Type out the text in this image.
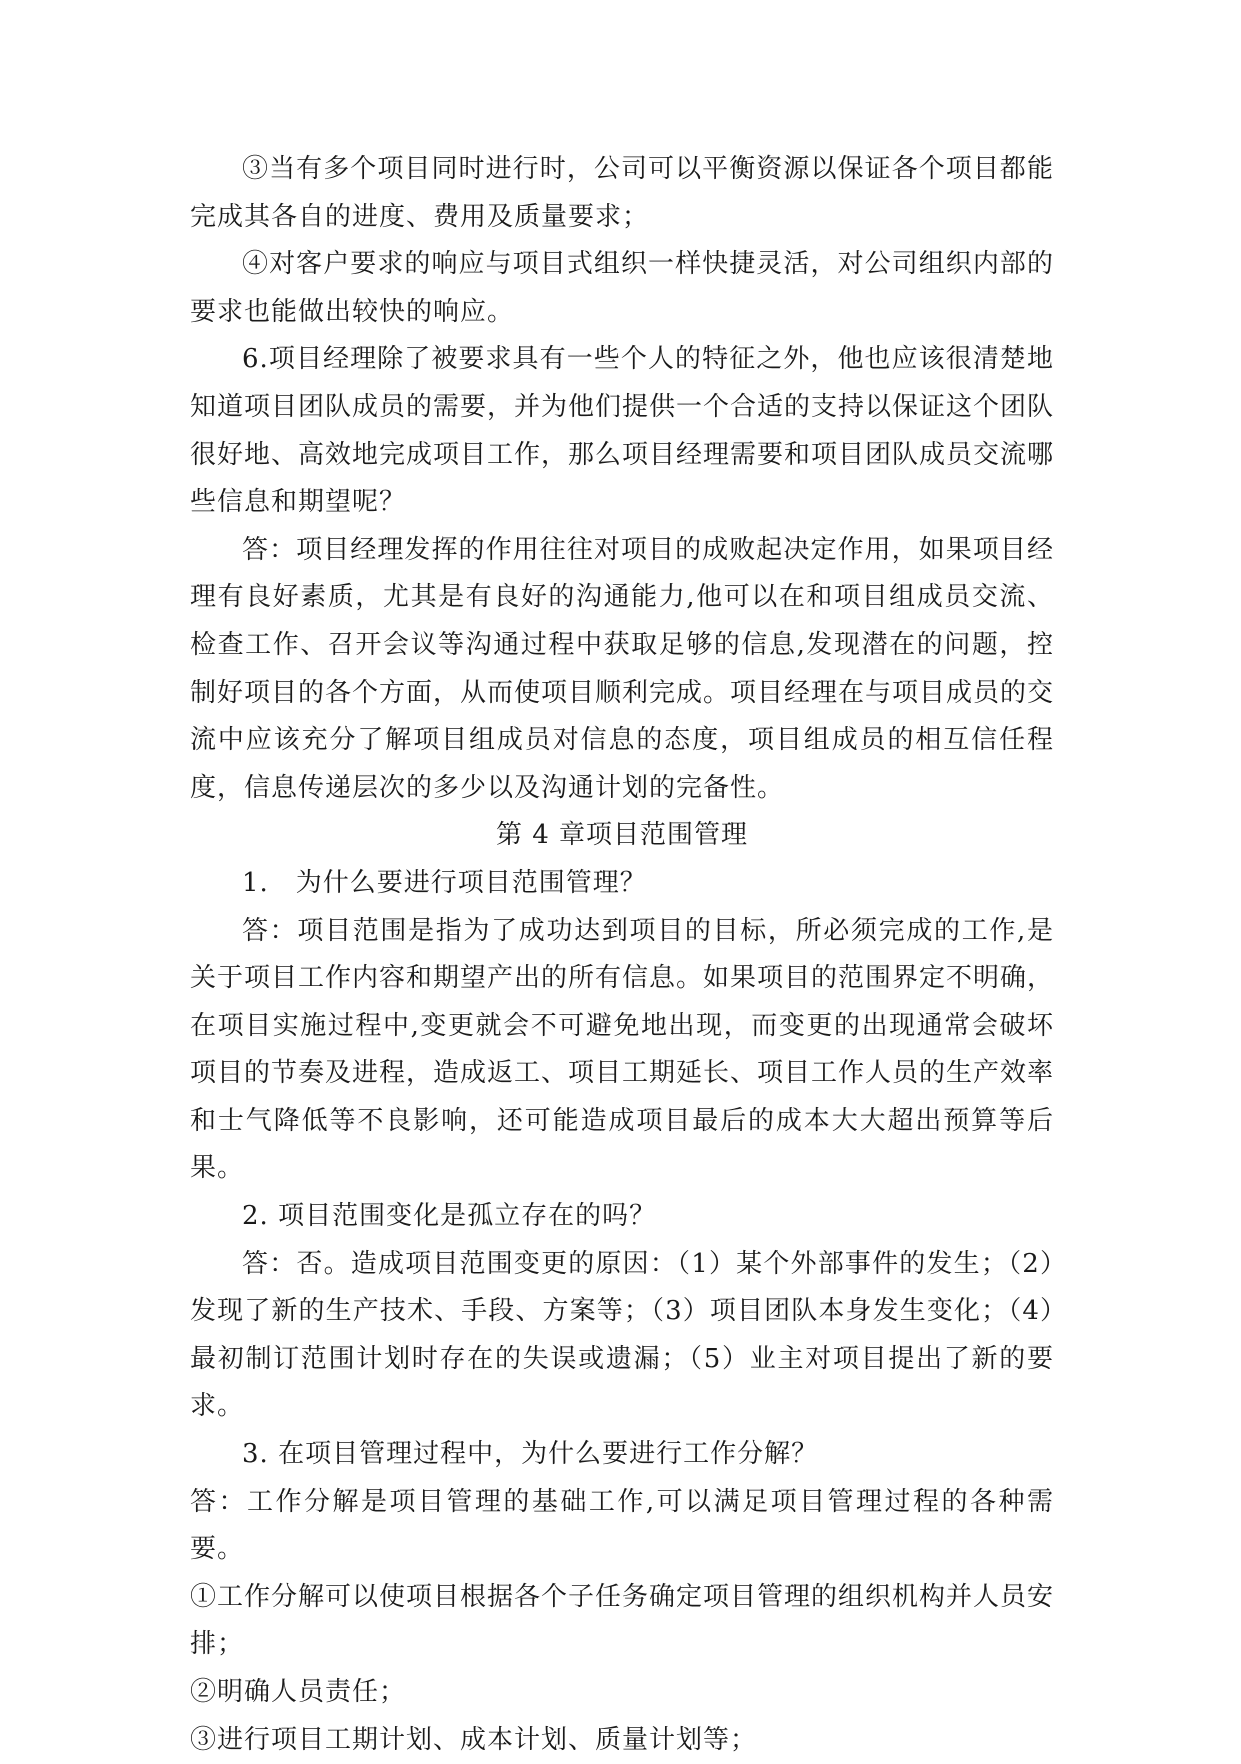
③当有多个项目同时进行时，公司可以平衡资源以保证各个项目都能完成其各自的进度、费用及质量要求；

④对客户要求的响应与项目式组织一样快捷灵活，对公司组织内部的要求也能做出较快的响应。

6.项目经理除了被要求具有一些个人的特征之外，他也应该很清楚地知道项目团队成员的需要，并为他们提供一个合适的支持以保证这个团队很好地、高效地完成项目工作，那么项目经理需要和项目团队成员交流哪些信息和期望呢？

答：项目经理发挥的作用往往对项目的成败起决定作用，如果项目经理有良好素质，尤其是有良好的沟通能力,他可以在和项目组成员交流、检查工作、召开会议等沟通过程中获取足够的信息,发现潜在的问题，控制好项目的各个方面，从而使项目顺利完成。项目经理在与项目成员的交流中应该充分了解项目组成员对信息的态度，项目组成员的相互信任程度，信息传递层次的多少以及沟通计划的完备性。

第 4 章项目范围管理

1.　为什么要进行项目范围管理？

答：项目范围是指为了成功达到项目的目标，所必须完成的工作,是关于项目工作内容和期望产出的所有信息。如果项目的范围界定不明确，在项目实施过程中,变更就会不可避免地出现，而变更的出现通常会破坏项目的节奏及进程，造成返工、项目工期延长、项目工作人员的生产效率和士气降低等不良影响，还可能造成项目最后的成本大大超出预算等后果。

2. 项目范围变化是孤立存在的吗？

答：否。造成项目范围变更的原因：（1）某个外部事件的发生；（2）发现了新的生产技术、手段、方案等；（3）项目团队本身发生变化；（4）最初制订范围计划时存在的失误或遗漏；（5）业主对项目提出了新的要求。

3. 在项目管理过程中，为什么要进行工作分解？

答：工作分解是项目管理的基础工作,可以满足项目管理过程的各种需要。

①工作分解可以使项目根据各个子任务确定项目管理的组织机构并人员安排；

②明确人员责任；

③进行项目工期计划、成本计划、质量计划等；
